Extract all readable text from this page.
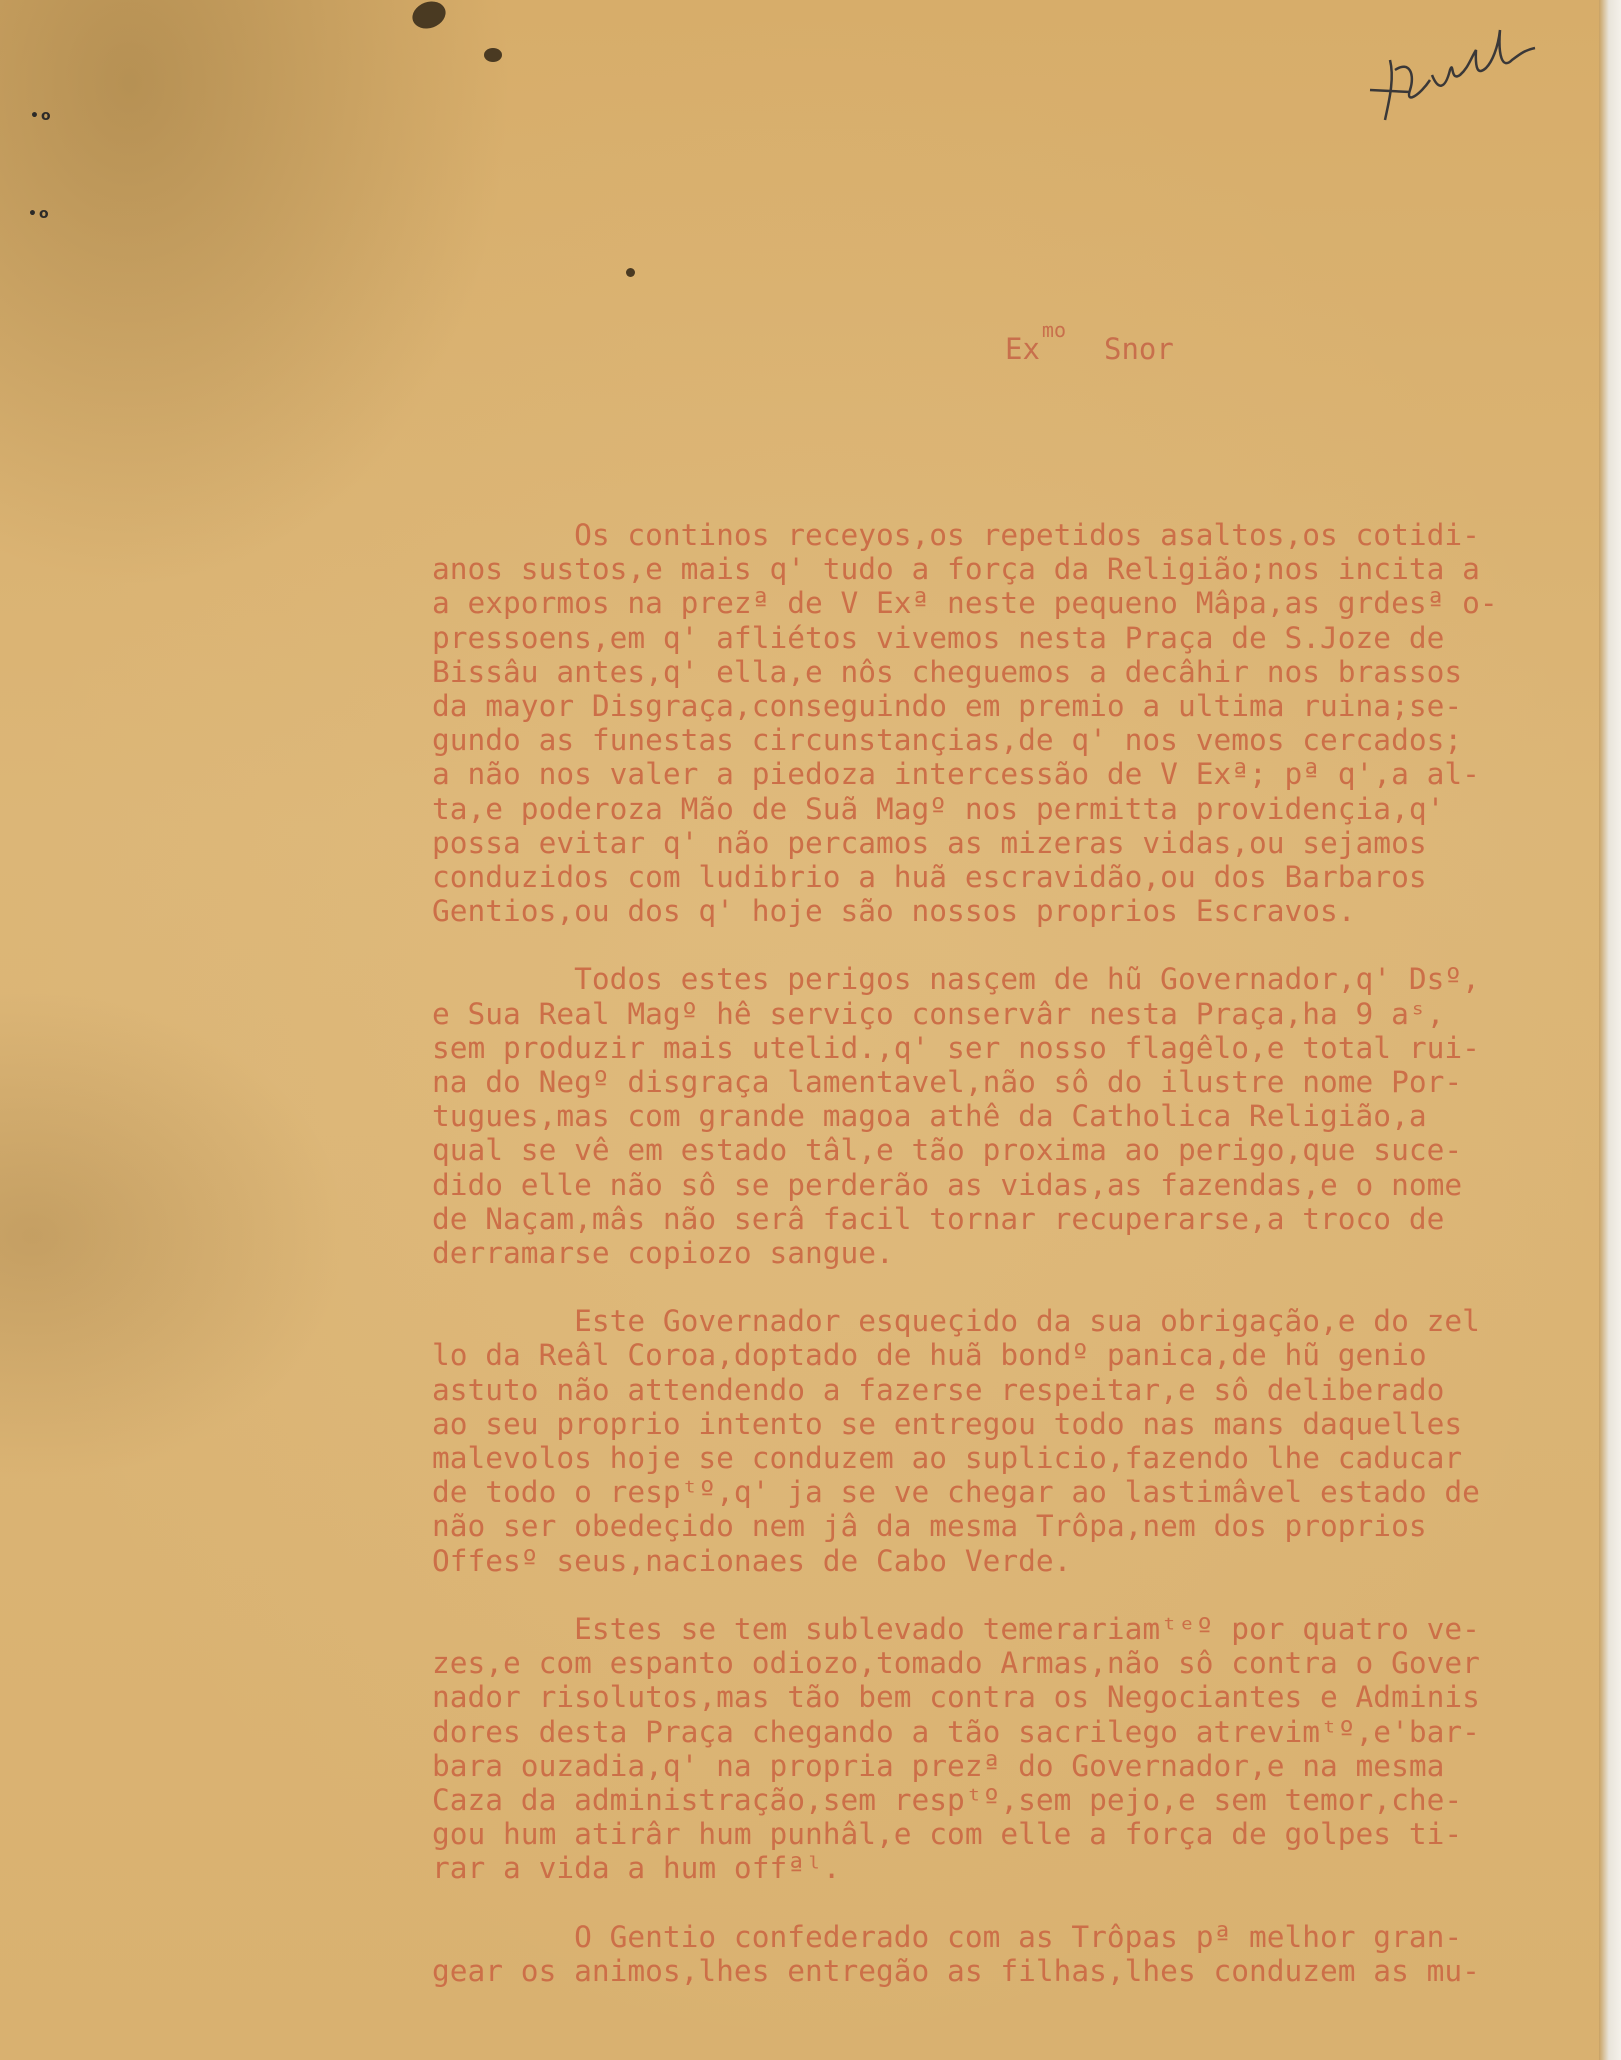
•o
•o
$Ex^{mo}Snor$
Os continos receyos,os repetidos asaltos,os cotidi-
anos sustos,e mais q' tudo a força da Religião;nos incita a
a expormos na prezª de V Exª neste pequeno Mâpa,as grdesª o-
pressoens,em q' afliétos vivemos nesta Praça de S.Joze de
Bissâu antes,q' ella,e nôs cheguemos a decâhir nos brassos
da mayor Disgraça,conseguindo em premio a ultima ruina;se-
gundo as funestas circunstançias,de q' nos vemos cercados;
a não nos valer a piedoza intercessão de V Exª; pª q',a al-
ta,e poderoza Mão de Suã Magº nos permitta providençia,q'
possa evitar q' não percamos as mizeras vidas,ou sejamos
conduzidos com ludibrio a huã escravidão,ou dos Barbaros
Gentios,ou dos q' hoje são nossos proprios Escravos.
Todos estes perigos nasçem de hũ Governador,q' Dsº,
e Sua Real Magº hê serviço conservâr nesta Praça,ha 9 aˢ,
sem produzir mais utelid.,q' ser nosso flagêlo,e total rui-
na do Negº disgraça lamentavel,não sô do ilustre nome Por-
tugues,mas com grande magoa athê da Catholica Religião,a
qual se vê em estado tâl,e tão proxima ao perigo,que suce-
dido elle não sô se perderão as vidas,as fazendas,e o nome
de Naçam,mâs não serâ facil tornar recuperarse,a troco de
derramarse copiozo sangue.
Este Governador esqueçido da sua obrigação,e do zel
lo da Reâl Coroa,doptado de huã bondº panica,de hũ genio
astuto não attendendo a fazerse respeitar,e sô deliberado
ao seu proprio intento se entregou todo nas mans daquelles
malevolos hoje se conduzem ao suplicio,fazendo lhe caducar
de todo o respᵗº,q' ja se ve chegar ao lastimâvel estado de
não ser obedeçido nem jâ da mesma Trôpa,nem dos proprios
Offesº seus,nacionaes de Cabo Verde.
Estes se tem sublevado temerariamᵗᵉº por quatro ve-
zes,e com espanto odiozo,tomado Armas,não sô contra o Gover
nador risolutos,mas tão bem contra os Negociantes e Adminis
dores desta Praça chegando a tão sacrilego atrevimᵗº,e'bar-
bara ouzadia,q' na propria prezª do Governador,e na mesma
Caza da administração,sem respᵗº,sem pejo,e sem temor,che-
gou hum atirâr hum punhâl,e com elle a força de golpes ti-
rar a vida a hum offªˡ.
O Gentio confederado com as Trôpas pª melhor gran-
gear os animos,lhes entregão as filhas,lhes conduzem as mu-
